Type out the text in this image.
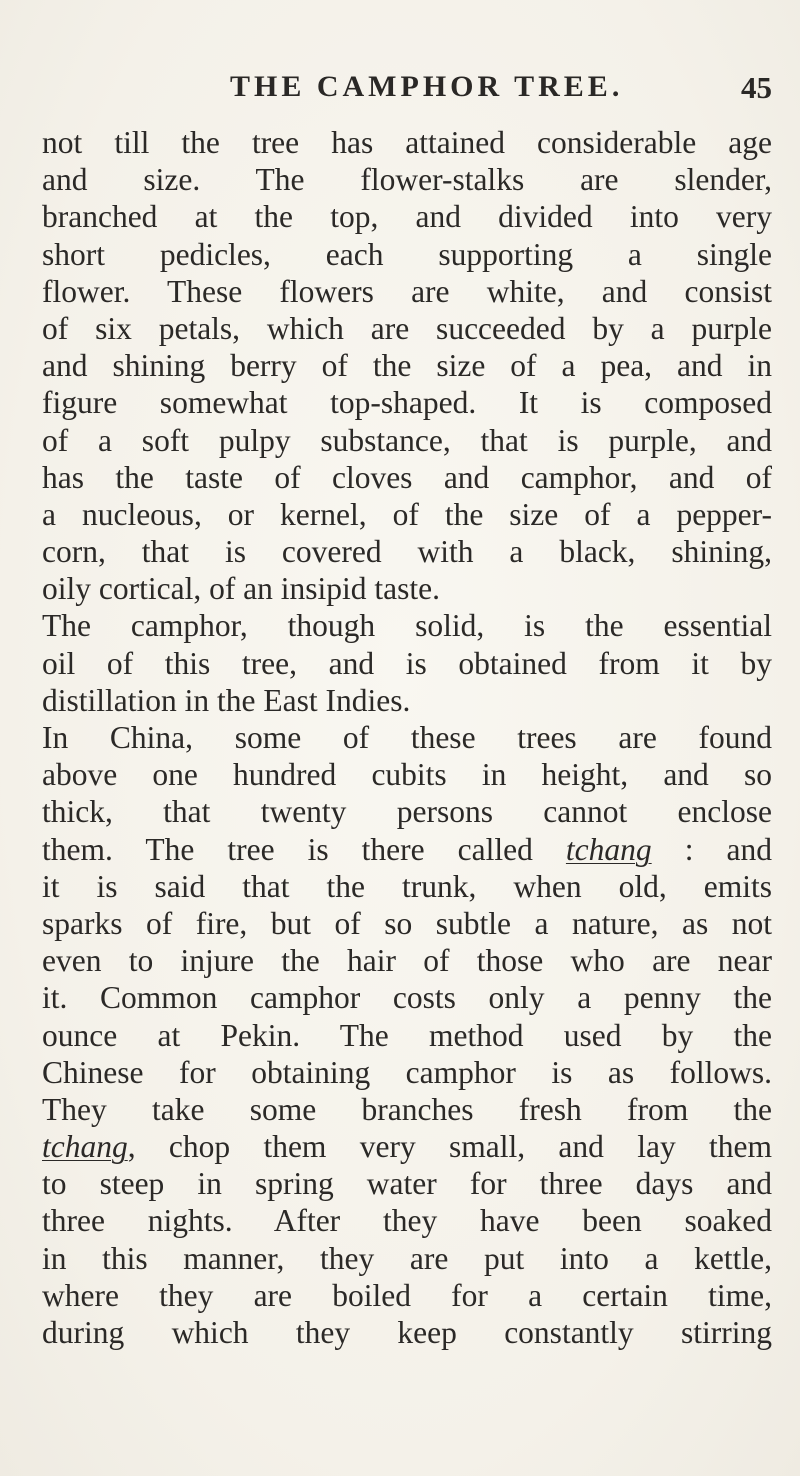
THE CAMPHOR TREE.	45
not till the tree has attained considerable age
and size. The flower-stalks are slender,
branched at the top, and divided into very
short pedicles, each supporting a single
flower. These flowers are white, and consist
of six petals, which are succeeded by a purple
and shining berry of the size of a pea, and in
figure somewhat top-shaped. It is composed
of a soft pulpy substance, that is purple, and
has the taste of cloves and camphor, and of
a nucleous, or kernel, of the size of a pepper-
corn, that is covered with a black, shining,
oily cortical, of an insipid taste.
The camphor, though solid, is the essential
oil of this tree, and is obtained from it by
distillation in the East Indies.
In China, some of these trees are found
above one hundred cubits in height, and so
thick, that twenty persons cannot enclose
them. The tree is there called tchang : and
it is said that the trunk, when old, emits
sparks of fire, but of so subtle a nature, as not
even to injure the hair of those who are near
it. Common camphor costs only a penny the
ounce at Pekin. The method used by the
Chinese for obtaining camphor is as follows.
They take some branches fresh from the
tchang, chop them very small, and lay them
to steep in spring water for three days and
three nights. After they have been soaked
in this manner, they are put into a kettle,
where they are boiled for a certain time,
during which they keep constantly stirring
